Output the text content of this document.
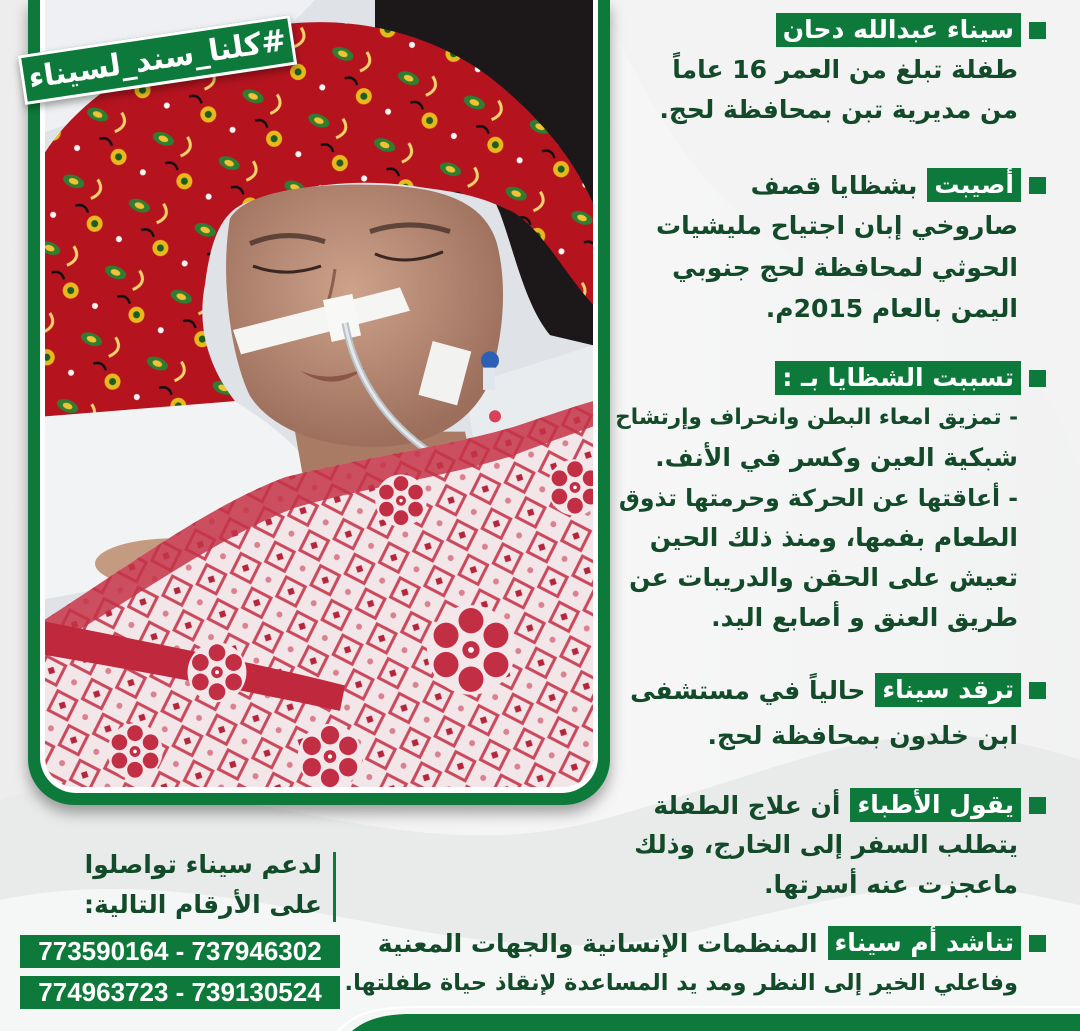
#كلنا_سند_لسيناء	سيناء عبدالله دحان
طفلة تبلغ من العمر 16 عاماً
من مديرية تبن بمحافظة لحج.
أصيبت
بشظايا قصف
صاروخي إبان اجتياح مليشيات
الحوثي لمحافظة لحج جنوبي
اليمن بالعام 2015م.
تسببت الشظايا بـ :
- تمزيق امعاء البطن وانحراف وإرتشاح
شبكية العين وكسر في الأنف.
- أعاقتها عن الحركة وحرمتها تذوق
الطعام بفمها، ومنذ ذلك الحين
تعيش على الحقن والدريبات عن
طريق العنق و أصابع اليد.
ترقد سيناء
حالياً في مستشفى
ابن خلدون بمحافظة لحج.
يقول الأطباء
أن علاج الطفلة
يتطلب السفر إلى الخارج، وذلك
ماعجزت عنه أسرتها.
تناشد أم سيناء
المنظمات الإنسانية والجهات المعنية
وفاعلي الخير إلى النظر ومد يد المساعدة لإنقاذ حياة طفلتها.
لدعم سيناء تواصلوا
على الأرقام التالية:
773590164 - 737946302
774963723 - 739130524
